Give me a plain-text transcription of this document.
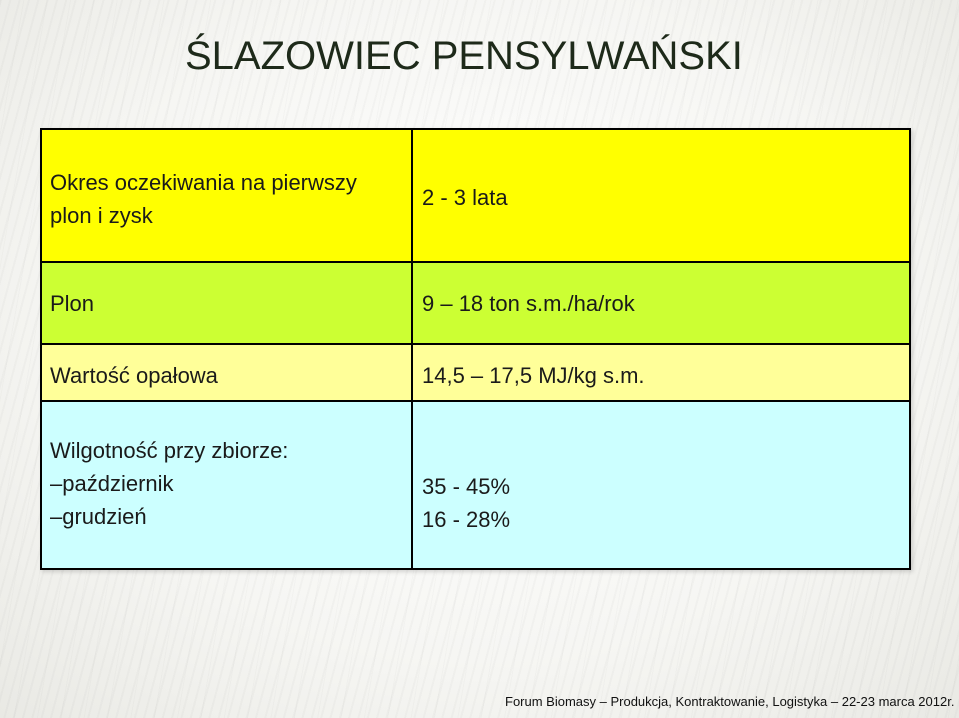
ŚLAZOWIEC PENSYLWAŃSKI
Okres oczekiwania na pierwszy
plon i zysk
2 - 3 lata
Plon	9 – 18 ton s.m./ha/rok
Wartość opałowa	14,5 – 17,5 MJ/kg s.m.
Wilgotność przy zbiorze:
–październik
–grudzień
35 - 45%
16 - 28%
Forum Biomasy – Produkcja, Kontraktowanie, Logistyka – 22-23 marca 2012r.
